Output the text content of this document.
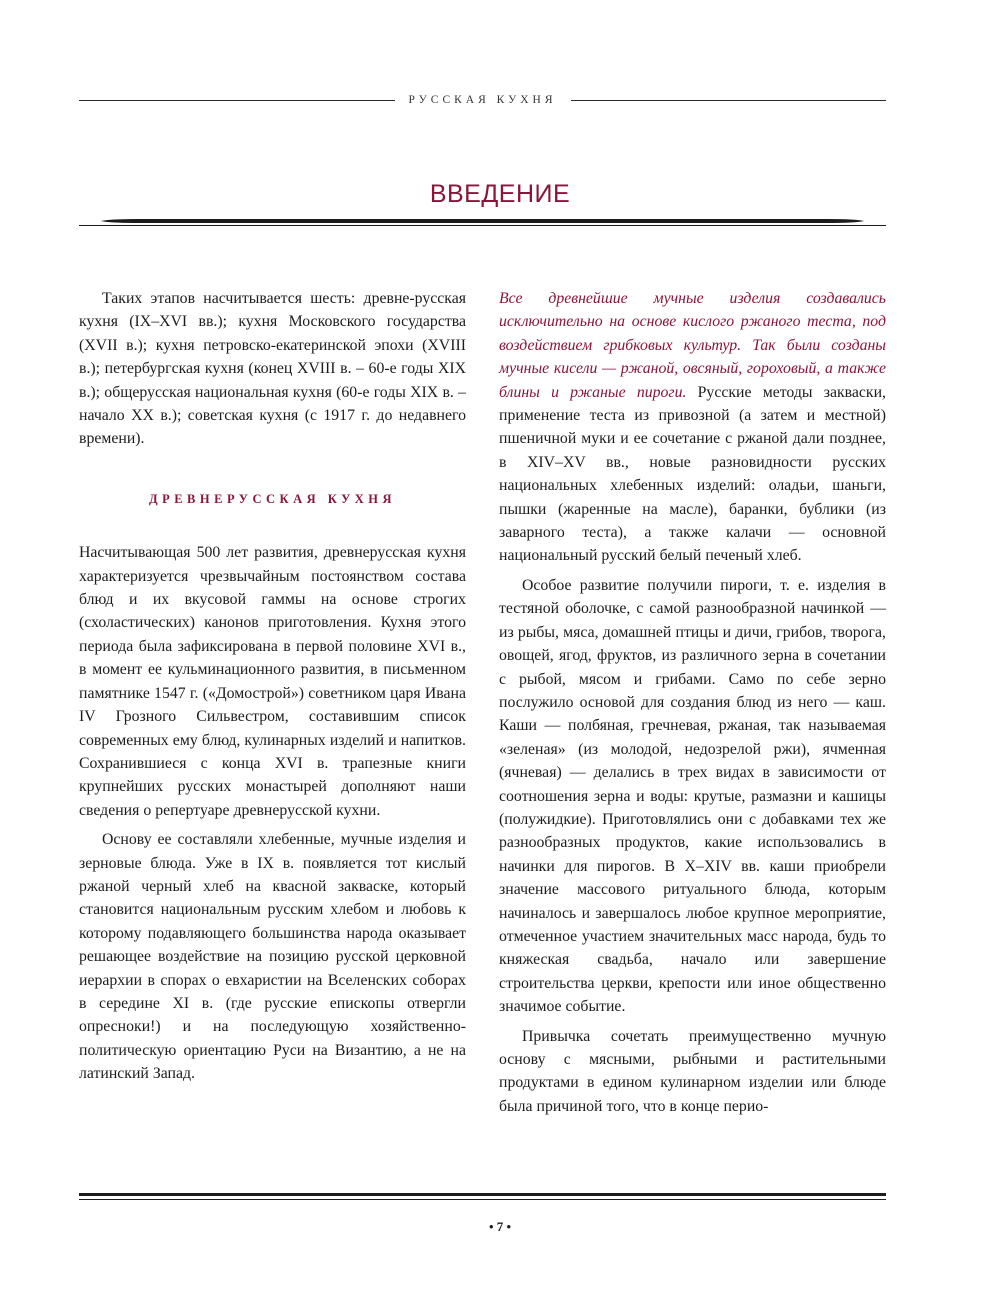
РУССКАЯ КУХНЯ
ВВЕДЕНИЕ

Таких этапов насчитывается шесть: древне-русская кухня (IX–XVI вв.); кухня Московского государства (XVII в.); кухня петровско-екатеринской эпохи (XVIII в.); петербургская кухня (конец XVIII в. – 60-е годы XIX в.); общерусская национальная кухня (60-е годы XIX в. – начало XX в.); советская кухня (с 1917 г. до недавнего времени).

ДРЕВНЕРУССКАЯ КУХНЯ

Насчитывающая 500 лет развития, древнерусская кухня характеризуется чрезвычайным постоянством состава блюд и их вкусовой гаммы на основе строгих (схоластических) канонов приготовления. Кухня этого периода была зафиксирована в первой половине XVI в., в момент ее кульминационного развития, в письменном памятнике 1547 г. («Домострой») советником царя Ивана IV Грозного Сильвестром, составившим список современных ему блюд, кулинарных изделий и напитков. Сохранившиеся с конца XVI в. трапезные книги крупнейших русских монастырей дополняют наши сведения о репертуаре древнерусской кухни.

Основу ее составляли хлебенные, мучные изделия и зерновые блюда. Уже в IX в. появляется тот кислый ржаной черный хлеб на квасной закваске, который становится национальным русским хлебом и любовь к которому подавляющего большинства народа оказывает решающее воздействие на позицию русской церковной иерархии в спорах о евхаристии на Вселенских соборах в середине XI в. (где русские епископы отвергли опресноки!) и на последующую хозяйственно-политическую ориентацию Руси на Византию, а не на латинский Запад.

Все древнейшие мучные изделия создавались исключительно на основе кислого ржаного теста, под воздействием грибковых культур. Так были созданы мучные кисели — ржаной, овсяный, гороховый, а также блины и ржаные пироги. Русские методы закваски, применение теста из привозной (а затем и местной) пшеничной муки и ее сочетание с ржаной дали позднее, в XIV–XV вв., новые разновидности русских национальных хлебенных изделий: оладьи, шаньги, пышки (жаренные на масле), баранки, бублики (из заварного теста), а также калачи — основной национальный русский белый печеный хлеб.

Особое развитие получили пироги, т. е. изделия в тестяной оболочке, с самой разнообразной начинкой — из рыбы, мяса, домашней птицы и дичи, грибов, творога, овощей, ягод, фруктов, из различного зерна в сочетании с рыбой, мясом и грибами. Само по себе зерно послужило основой для создания блюд из него — каш. Каши — полбяная, гречневая, ржаная, так называемая «зеленая» (из молодой, недозрелой ржи), ячменная (ячневая) — делались в трех видах в зависимости от соотношения зерна и воды: крутые, размазни и кашицы (полужидкие). Приготовлялись они с добавками тех же разнообразных продуктов, какие использовались в начинки для пирогов. В X–XIV вв. каши приобрели значение массового ритуального блюда, которым начиналось и завершалось любое крупное мероприятие, отмеченное участием значительных масс народа, будь то княжеская свадьба, начало или завершение строительства церкви, крепости или иное общественно значимое событие.

Привычка сочетать преимущественно мучную основу с мясными, рыбными и растительными продуктами в едином кулинарном изделии или блюде была причиной того, что в конце перио-

• 7 •
